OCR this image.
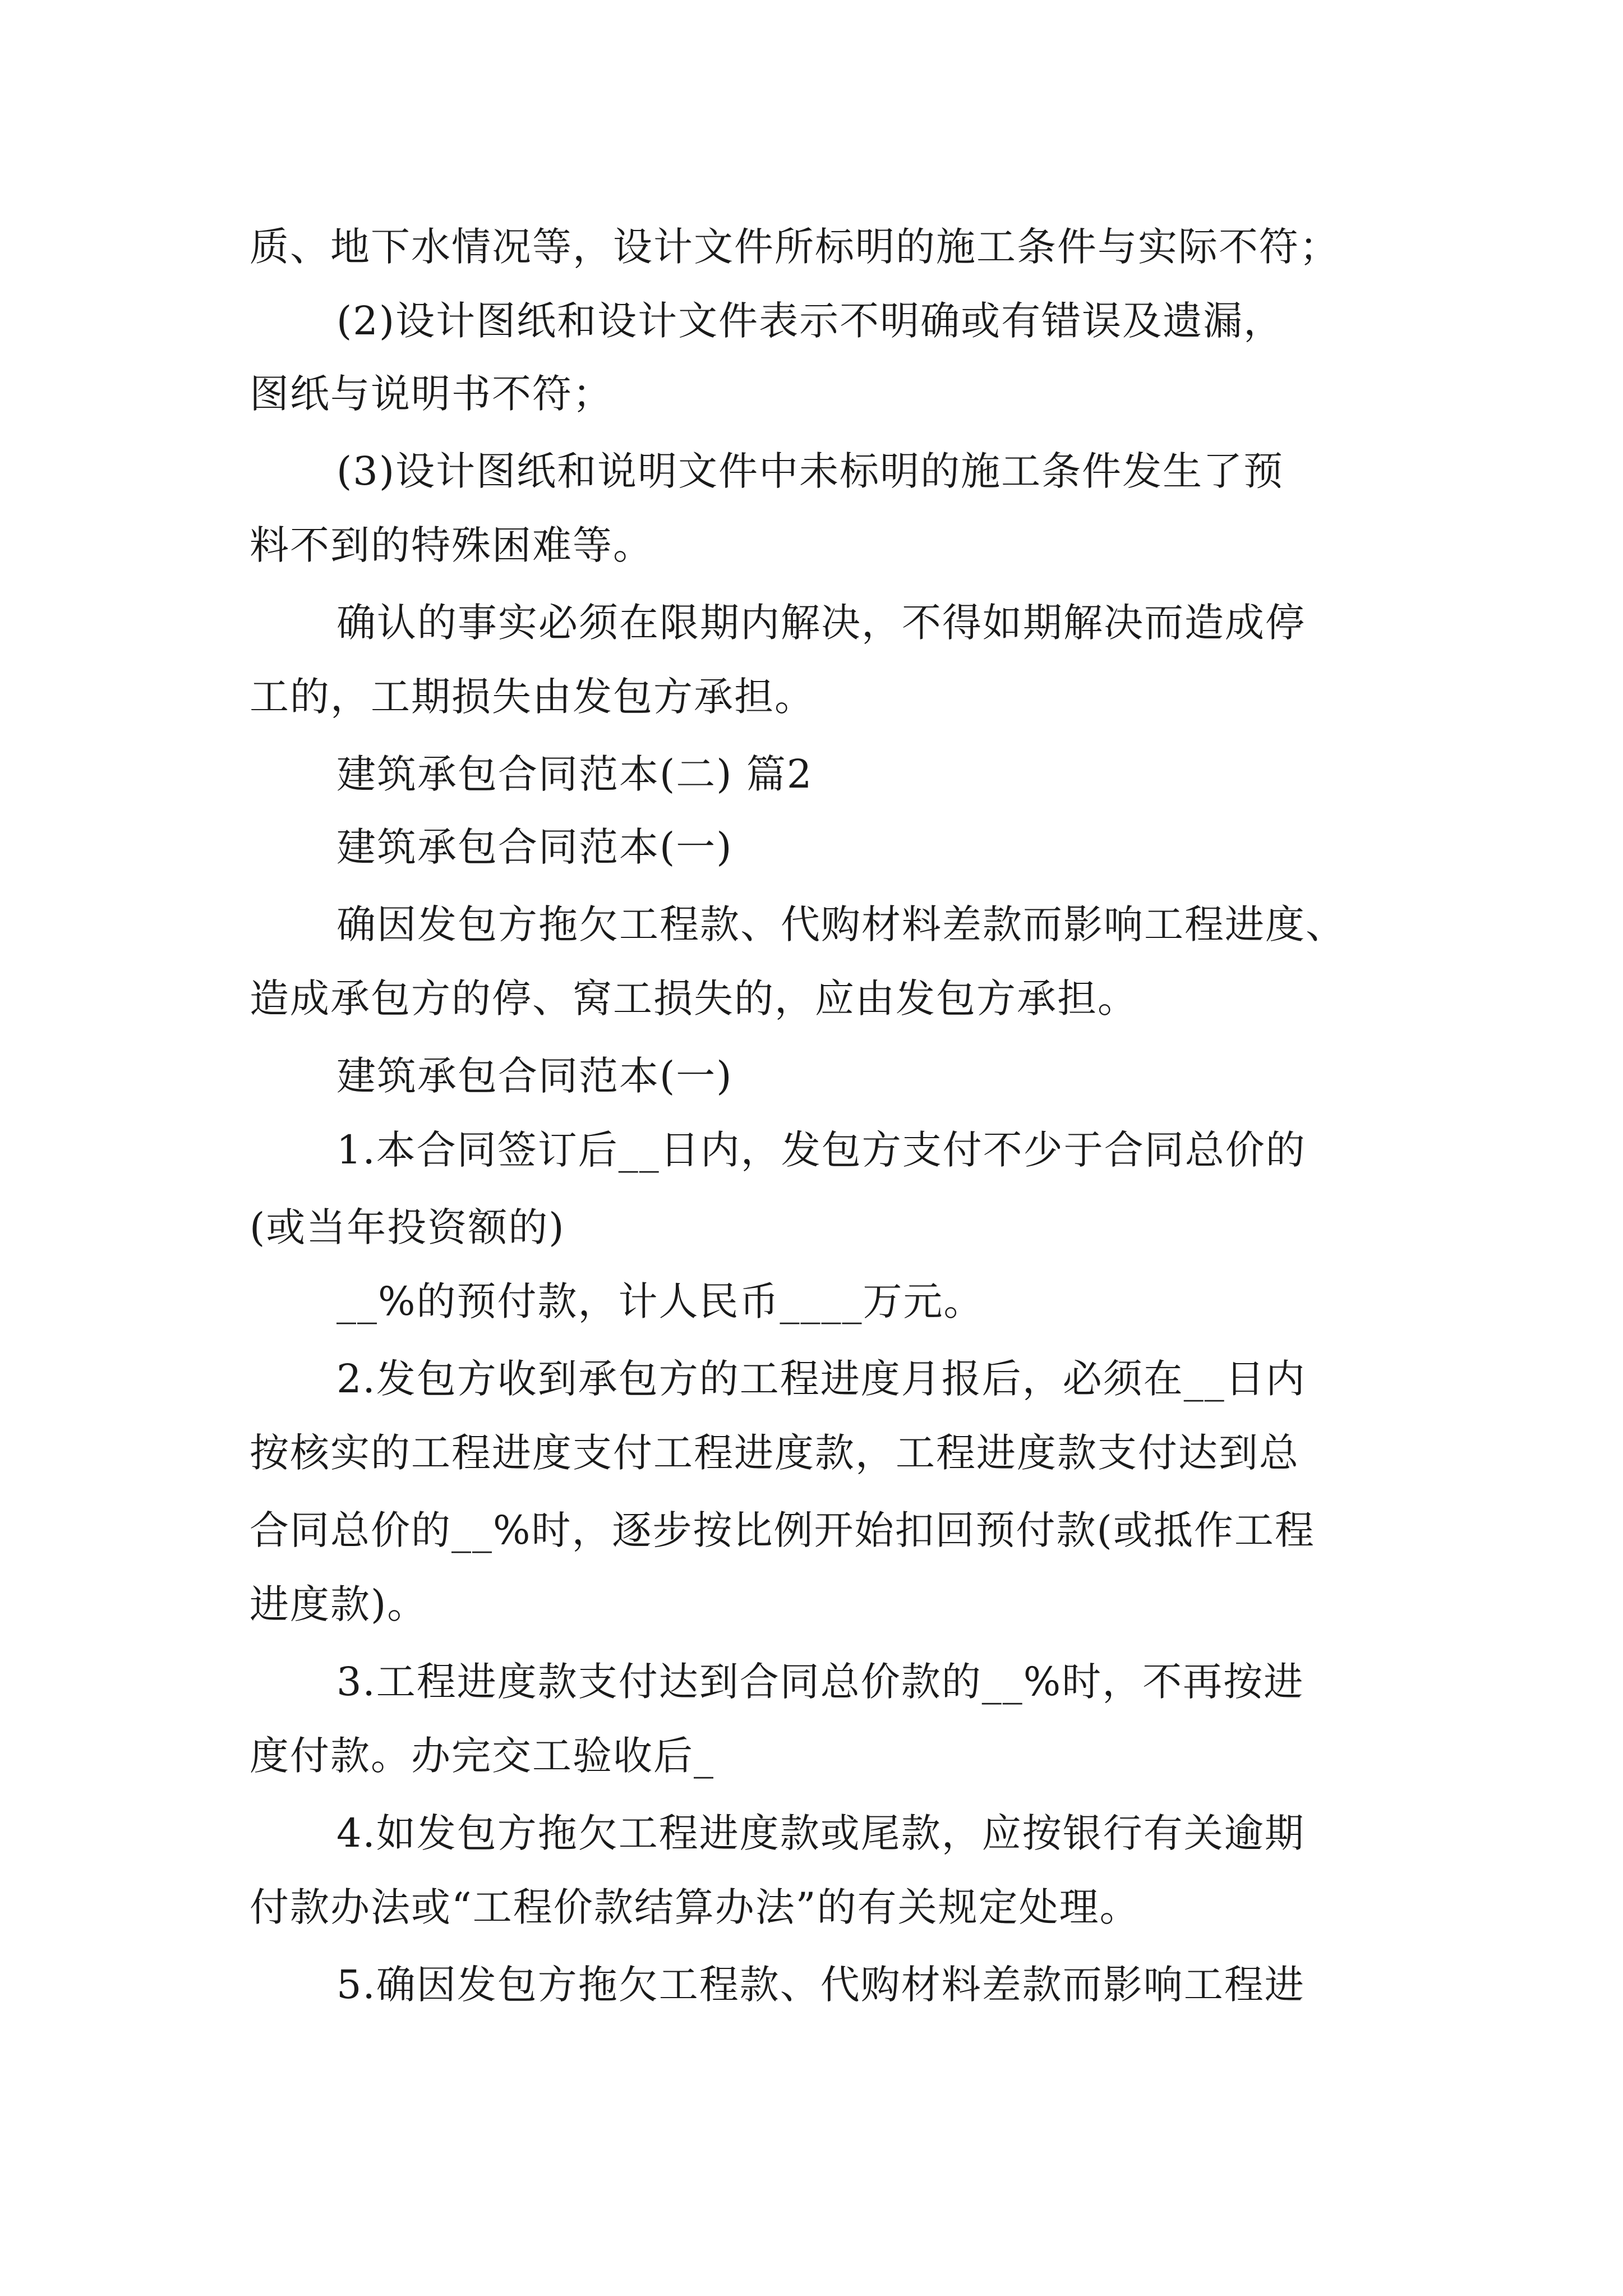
质、地下水情况等，设计文件所标明的施工条件与实际不符；
(2)设计图纸和设计文件表示不明确或有错误及遗漏，
图纸与说明书不符；
(3)设计图纸和说明文件中未标明的施工条件发生了预
料不到的特殊困难等。
确认的事实必须在限期内解决，不得如期解决而造成停
工的，工期损失由发包方承担。
建筑承包合同范本(二) 篇2
建筑承包合同范本(一)
确因发包方拖欠工程款、代购材料差款而影响工程进度、
造成承包方的停、窝工损失的，应由发包方承担。
建筑承包合同范本(一)
1.本合同签订后__日内，发包方支付不少于合同总价的
(或当年投资额的)
__%的预付款，计人民币____万元。
2.发包方收到承包方的工程进度月报后，必须在__日内
按核实的工程进度支付工程进度款，工程进度款支付达到总
合同总价的__%时，逐步按比例开始扣回预付款(或抵作工程
进度款)。
3.工程进度款支付达到合同总价款的__%时，不再按进
度付款。办完交工验收后_
4.如发包方拖欠工程进度款或尾款，应按银行有关逾期
付款办法或“工程价款结算办法”的有关规定处理。
5.确因发包方拖欠工程款、代购材料差款而影响工程进
